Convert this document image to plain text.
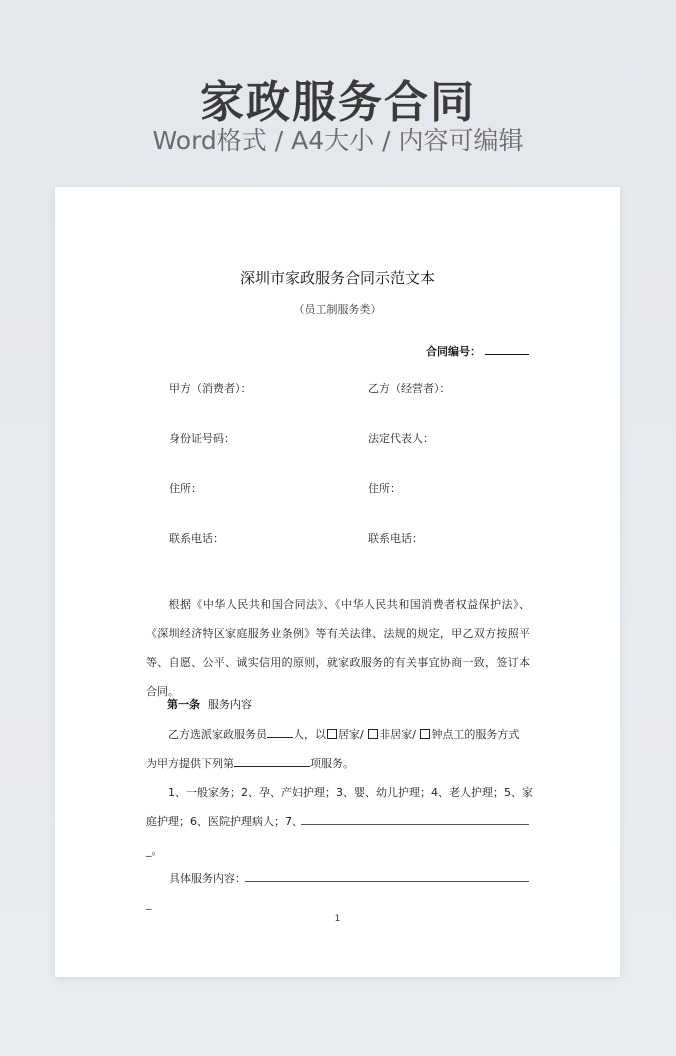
家政服务合同
Word格式 / A4大小 / 内容可编辑
深圳市家政服务合同示范文本
（员工制服务类）
合同编号：
甲方（消费者）：	乙方（经营者）：
身份证号码：	法定代表人：
住所：	住所：
联系电话：	联系电话：
根据《中华人民共和国合同法》、《中华人民共和国消费者权益保护法》、《深圳经济特区家庭服务业条例》等有关法律、法规的规定，甲乙双方按照平等、自愿、公平、诚实信用的原则，就家政服务的有关事宜协商一致，签订本合同。
第一条 服务内容
乙方选派家政服务员 人，以 居家/ 非居家/ 钟点工的服务方式
为甲方提供下列第	项服务。
1、一般家务；2、孕、产妇护理；3、婴、幼儿护理；4、老人护理；5、家
庭护理；6、医院护理病人；7、
_。
具体服务内容：
_
1
